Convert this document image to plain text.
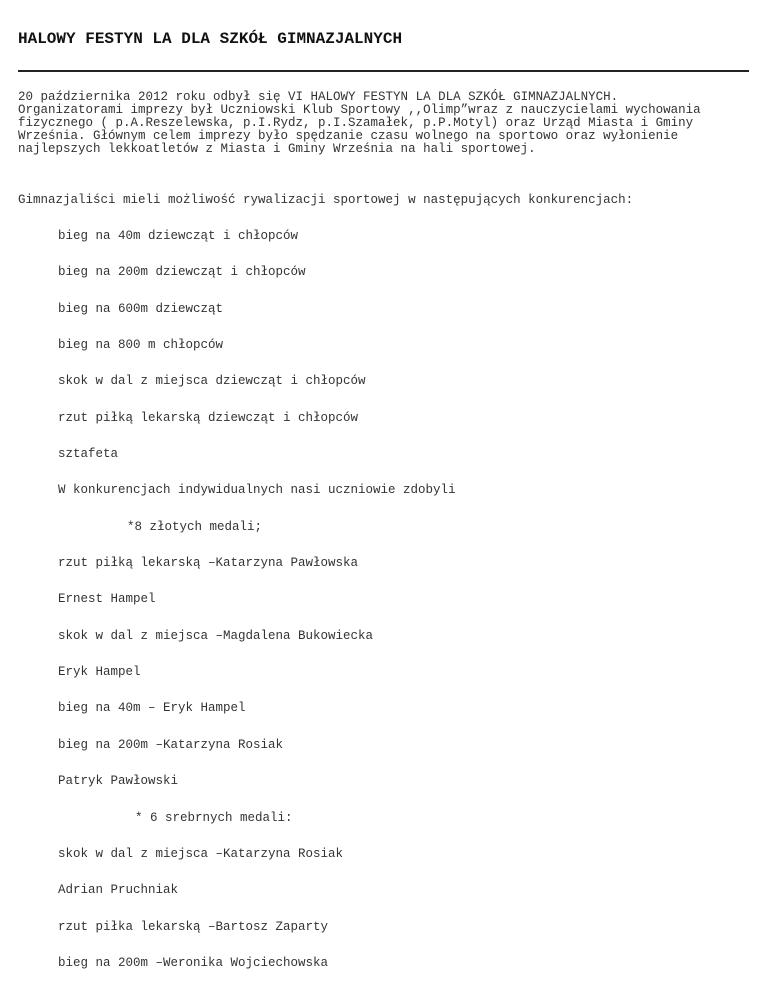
HALOWY FESTYN LA DLA SZKÓŁ GIMNAZJALNYCH
20 października 2012 roku odbył się VI HALOWY FESTYN LA DLA SZKÓŁ GIMNAZJALNYCH.
Organizatorami imprezy był Uczniowski Klub Sportowy ,,Olimp”wraz z nauczycielami wychowania
fizycznego ( p.A.Reszelewska, p.I.Rydz, p.I.Szamałek, p.P.Motyl) oraz Urząd Miasta i Gminy
Września. Głównym celem imprezy było spędzanie czasu wolnego na sportowo oraz wyłonienie
najlepszych lekkoatletów z Miasta i Gminy Września na hali sportowej.
Gimnazjaliści mieli możliwość rywalizacji sportowej w następujących konkurencjach:
bieg na 40m dziewcząt i chłopców
bieg na 200m dziewcząt i chłopców
bieg na 600m dziewcząt
bieg na 800 m chłopców
skok w dal z miejsca dziewcząt i chłopców
rzut piłką lekarską dziewcząt i chłopców
sztafeta
W konkurencjach indywidualnych nasi uczniowie zdobyli
*8 złotych medali;
rzut piłką lekarską –Katarzyna Pawłowska
Ernest Hampel
skok w dal z miejsca –Magdalena Bukowiecka
Eryk Hampel
bieg na 40m – Eryk Hampel
bieg na 200m –Katarzyna Rosiak
Patryk Pawłowski
* 6 srebrnych medali:
skok w dal z miejsca –Katarzyna Rosiak
Adrian Pruchniak
rzut piłka lekarską –Bartosz Zaparty
bieg na 200m –Weronika Wojciechowska
